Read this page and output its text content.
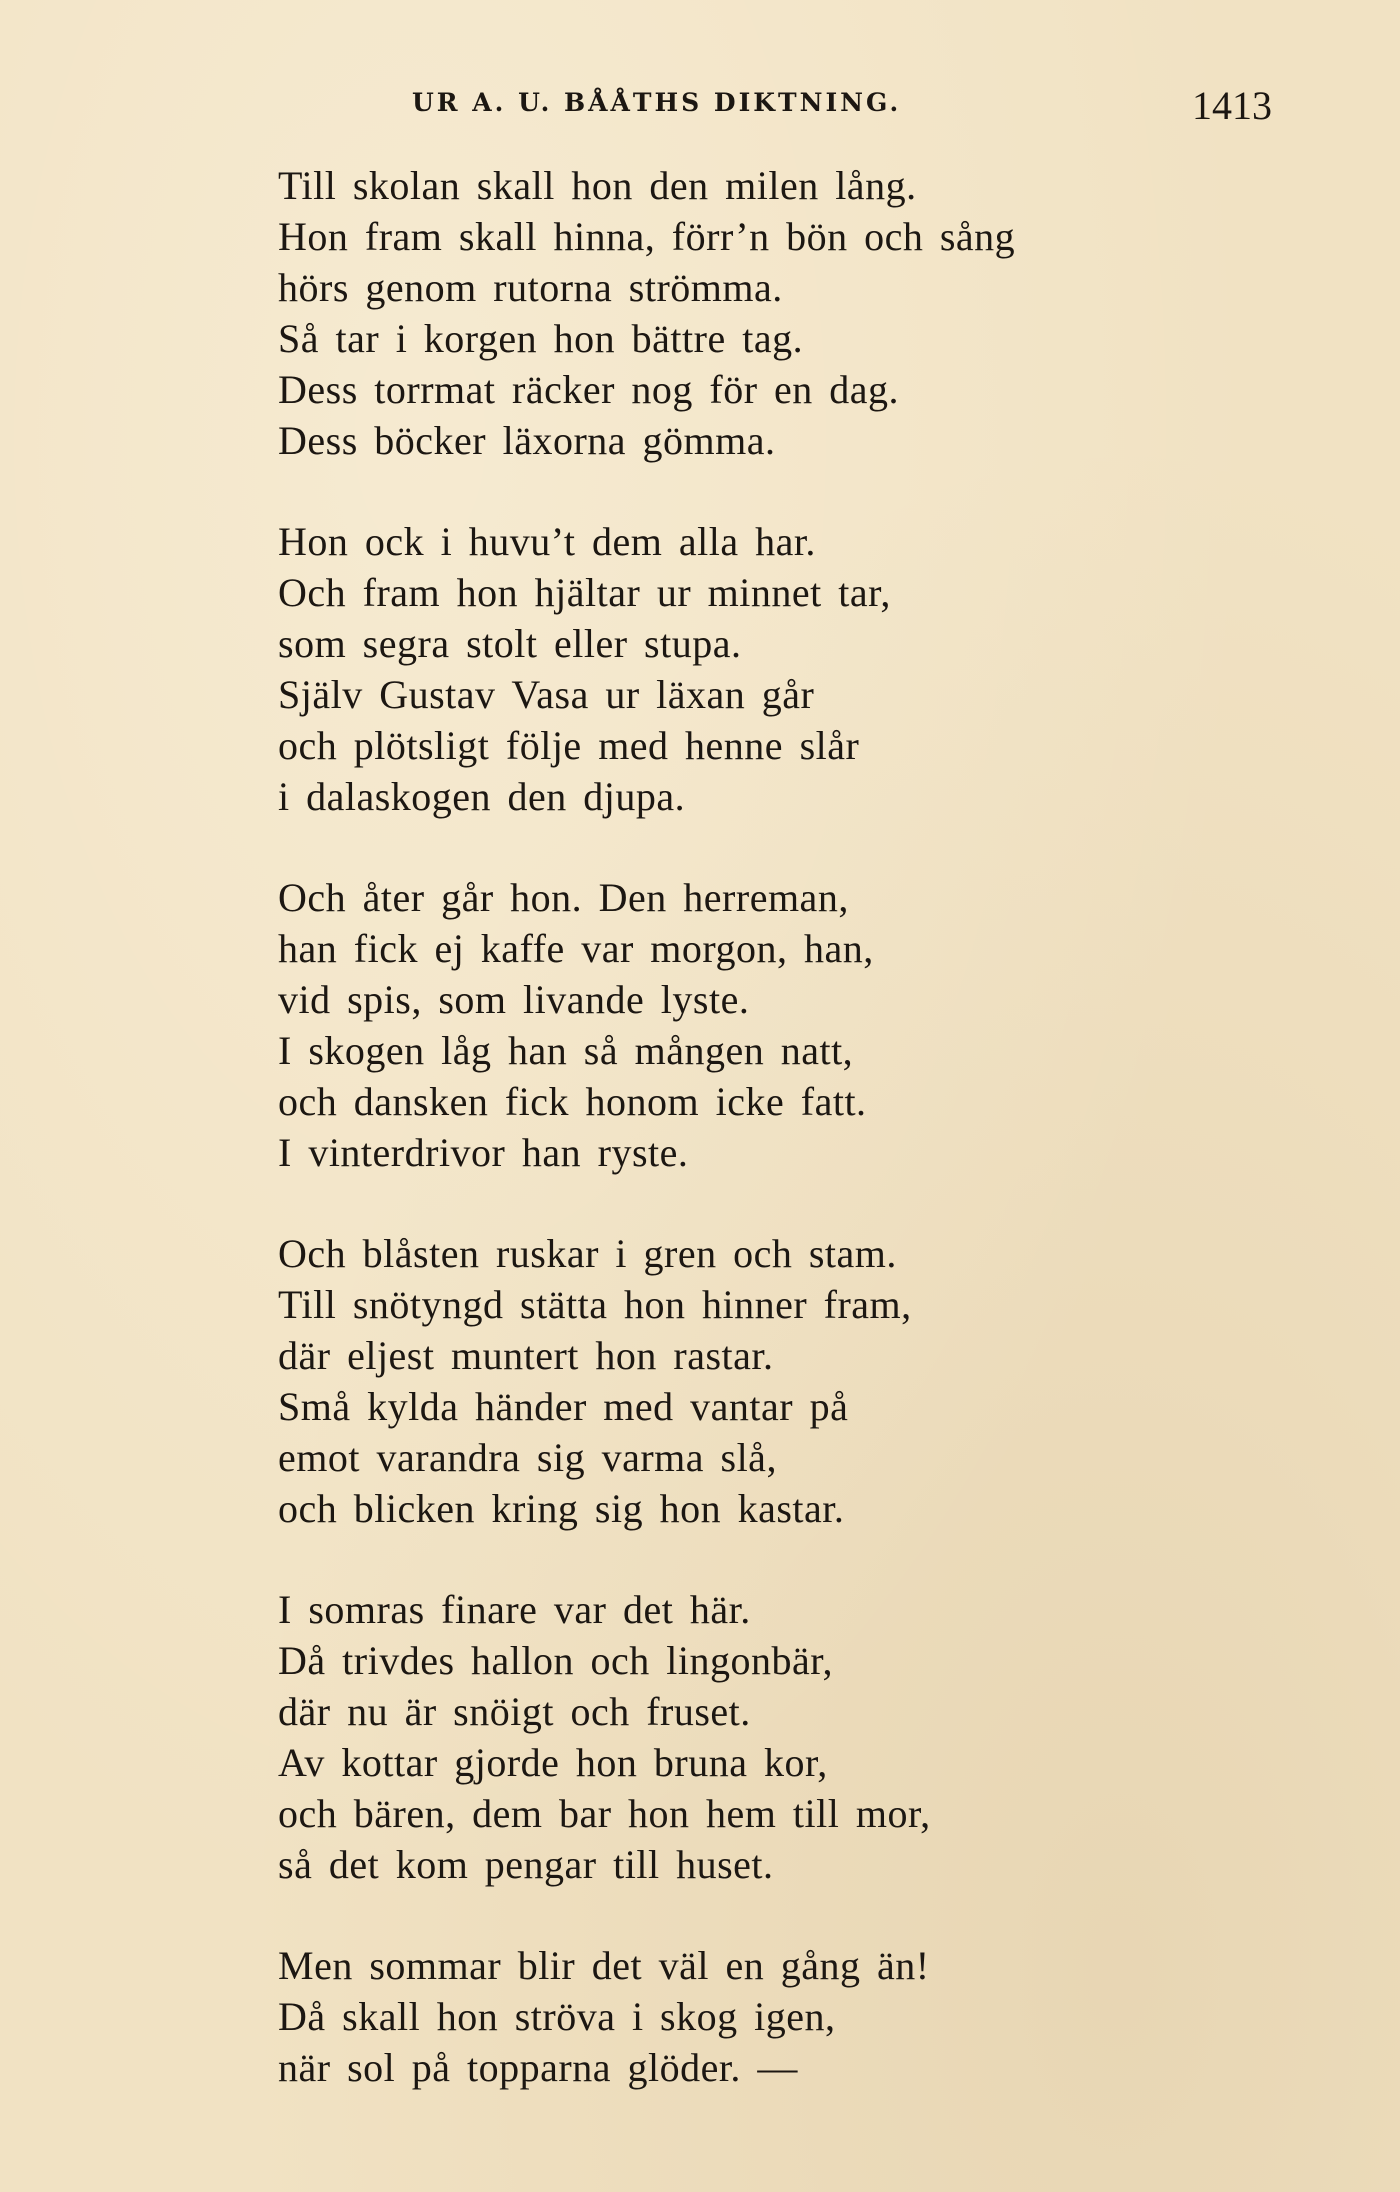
UR A. U. BÅÅTHS DIKTNING.	1413
Till skolan skall hon den milen lång.
Hon fram skall hinna, förr’n bön och sång
hörs genom rutorna strömma.
Så tar i korgen hon bättre tag.
Dess torrmat räcker nog för en dag.
Dess böcker läxorna gömma.
Hon ock i huvu’t dem alla har.
Och fram hon hjältar ur minnet tar,
som segra stolt eller stupa.
Själv Gustav Vasa ur läxan går
och plötsligt följe med henne slår
i dalaskogen den djupa.
Och åter går hon. Den herreman,
han fick ej kaffe var morgon, han,
vid spis, som livande lyste.
I skogen låg han så mången natt,
och dansken fick honom icke fatt.
I vinterdrivor han ryste.
Och blåsten ruskar i gren och stam.
Till snötyngd stätta hon hinner fram,
där eljest muntert hon rastar.
Små kylda händer med vantar på
emot varandra sig varma slå,
och blicken kring sig hon kastar.
I somras finare var det här.
Då trivdes hallon och lingonbär,
där nu är snöigt och fruset.
Av kottar gjorde hon bruna kor,
och bären, dem bar hon hem till mor,
så det kom pengar till huset.
Men sommar blir det väl en gång än!
Då skall hon ströva i skog igen,
när sol på topparna glöder. —
